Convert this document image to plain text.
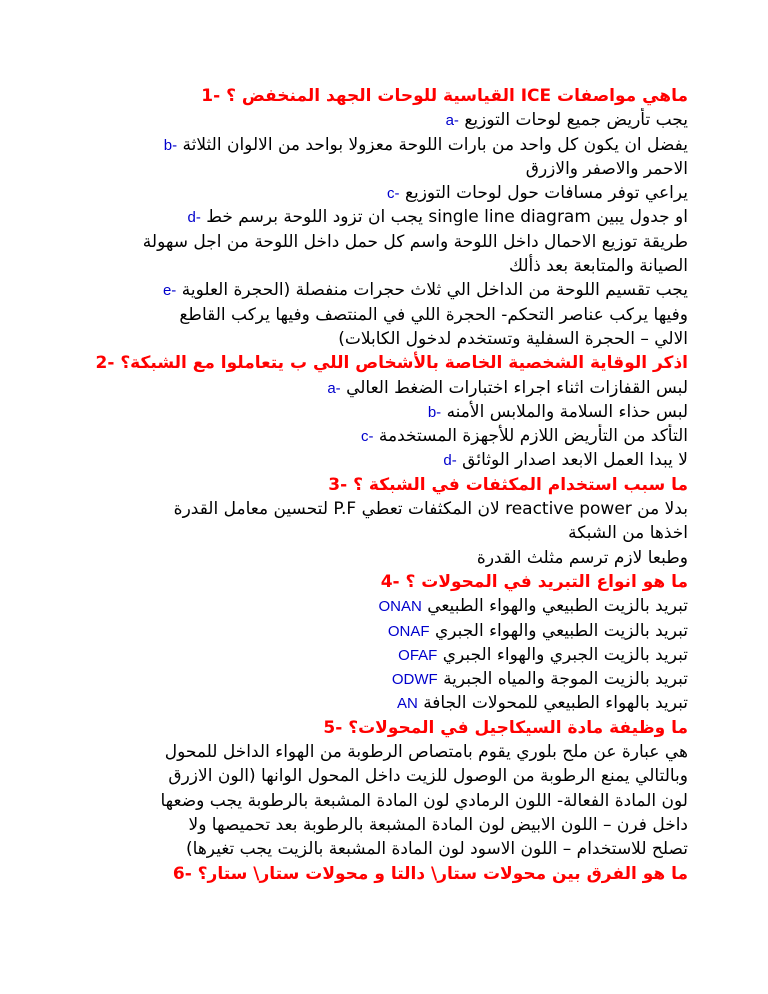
ماهي مواصفات ICE القياسية للوحات الجهد المنخفض ؟ -1
يجب تأريض جميع لوحات التوزيع a-
يفضل ان يكون كل واحد من بارات اللوحة معزولا بواحد من الالوان الثلاثة b-
الاحمر والاصفر والازرق
يراعي توفر مسافات حول لوحات التوزيع c-
او جدول يبين single line diagram يجب ان تزود اللوحة برسم خط d-
طريقة توزيع الاحمال داخل اللوحة واسم كل حمل داخل اللوحة من اجل سهولة
الصيانة والمتابعة بعد ذألك
يجب تقسيم اللوحة من الداخل الي ثلاث حجرات منفصلة (الحجرة العلوية e-
وفيها يركب عناصر التحكم- الحجرة اللي في المنتصف وفيها يركب القاطع
الالي – الحجرة السفلية وتستخدم لدخول الكابلات)
اذكر الوقاية الشخصية الخاصة بالأشخاص اللي ب يتعاملوا مع الشبكة؟ -2
لبس القفازات اثناء اجراء اختبارات الضغط العالي a-
لبس حذاء السلامة والملابس الأمنه b-
التأكد من التأريض اللازم للأجهزة المستخدمة c-
لا يبدا العمل الابعد اصدار الوثائق d-
ما سبب استخدام المكثفات في الشبكة ؟ -3
بدلا من reactive power لان المكثفات تعطي P.F لتحسين معامل القدرة
اخذها من الشبكة
وطبعا لازم ترسم مثلث القدرة
ما هو انواع التبريد في المحولات ؟ -4
تبريد بالزيت الطبيعي والهواء الطبيعي ONAN
تبريد بالزيت الطبيعي والهواء الجبري ONAF
تبريد بالزيت الجبري والهواء الجبري OFAF
تبريد بالزيت الموجة والمياه الجبرية ODWF
تبريد بالهواء الطبيعي للمحولات الجافة AN
ما وظيفة مادة السيكاجيل في المحولات؟ -5
هي عبارة عن ملح بلوري يقوم بامتصاص الرطوبة من الهواء الداخل للمحول
وبالتالي يمنع الرطوبة من الوصول للزيت داخل المحول الوانها (الون الازرق
لون المادة الفعالة- اللون الرمادي لون المادة المشبعة بالرطوبة يجب وضعها
داخل فرن – اللون الابيض لون المادة المشبعة بالرطوبة بعد تحميصها ولا
تصلح للاستخدام – اللون الاسود لون المادة المشبعة بالزيت يجب تغيرها)
ما هو الفرق بين محولات ستار\ دالتا و محولات ستار\ ستار؟ -6
